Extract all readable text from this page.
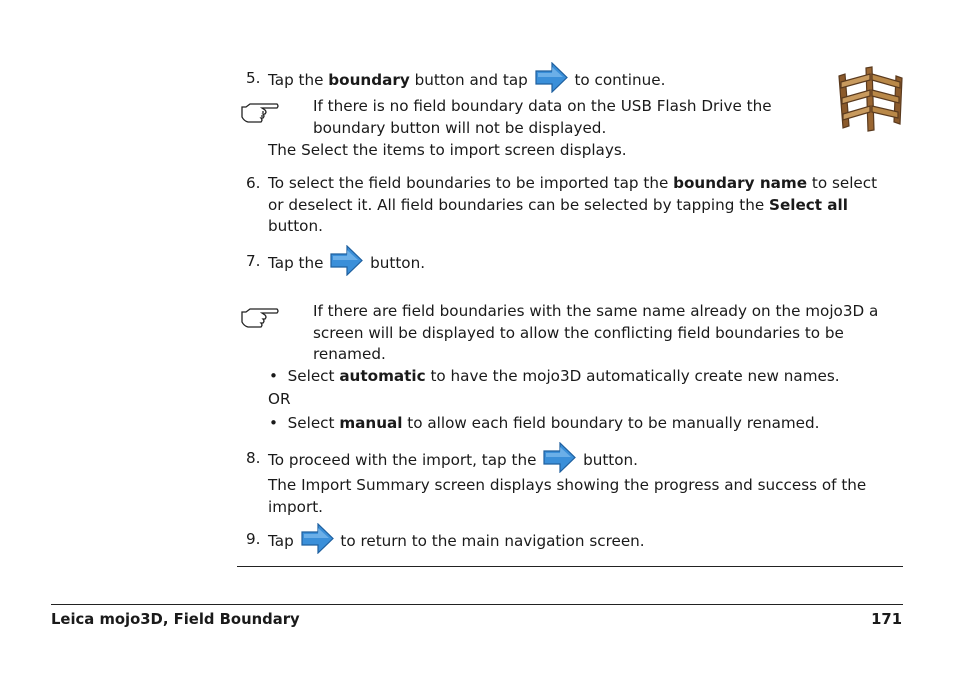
5. Tap the boundary button and tap
to continue.
If there is no field boundary data on the USB Flash Drive the
boundary button will not be displayed.
The Select the items to import screen displays.
6. To select the field boundaries to be imported tap the boundary name to select
or deselect it. All field boundaries can be selected by tapping the Select all
button.
7. Tap the
button.
If there are field boundaries with the same name already on the mojo3D a
screen will be displayed to allow the conflicting field boundaries to be
renamed.
• Select automatic to have the mojo3D automatically create new names.
OR
• Select manual to allow each field boundary to be manually renamed.
8. To proceed with the import, tap the
button.
The Import Summary screen displays showing the progress and success of the
import.
9. Tap
to return to the main navigation screen.
Leica mojo3D, Field Boundary	171
